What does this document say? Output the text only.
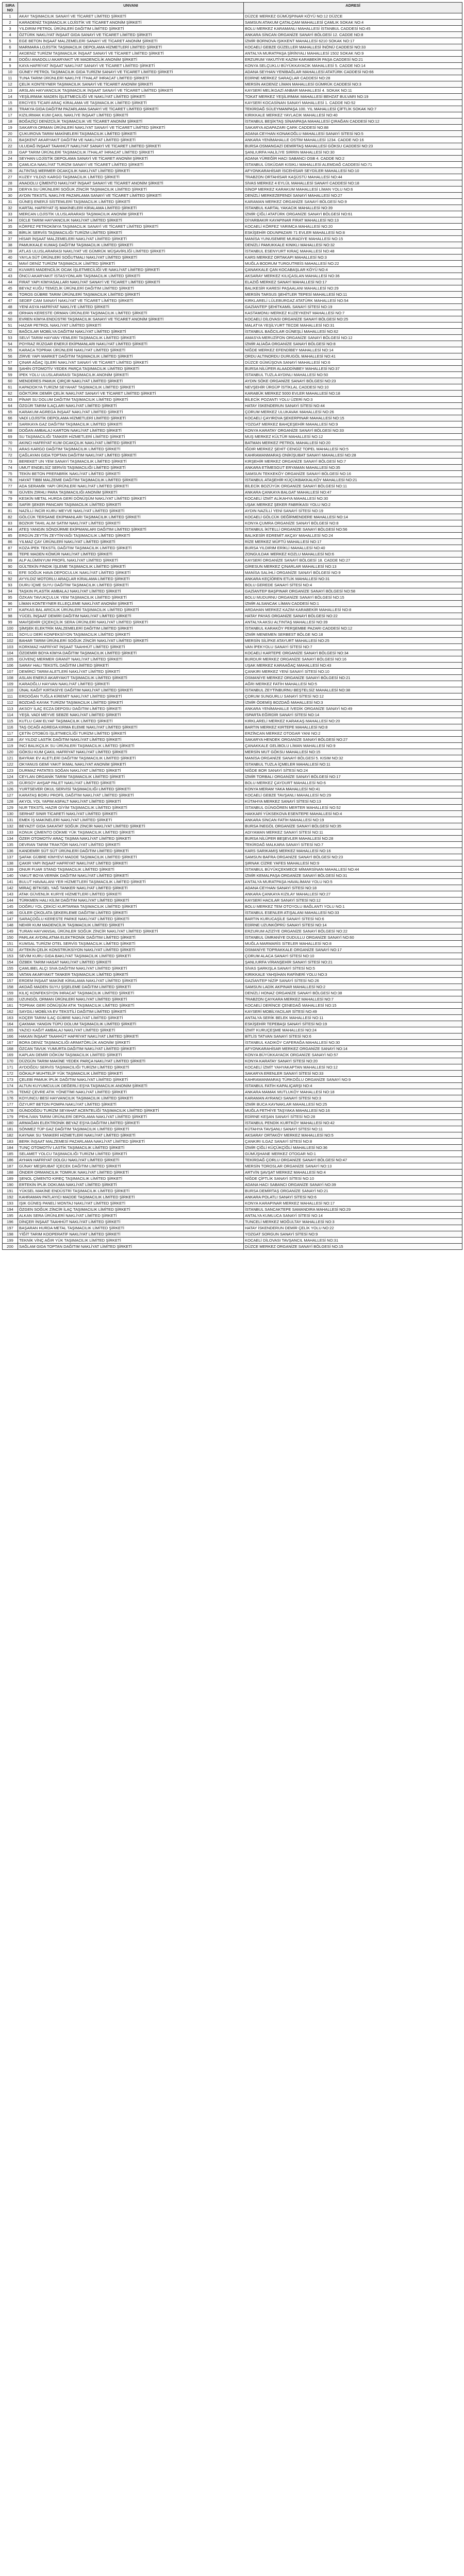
SIRA NO	UNVANI	ADRESİ
1	AKAY TAŞIMACILIK SANAYİ VE TİCARET LİMİTED ŞİRKETİ	DÜZCE MERKEZ GÜMÜŞPINAR KÖYÜ NO:12 DÜZCE
2	KARADENİZ TAŞIMACILIK LOJİSTİK VE TİCARET ANONİM ŞİRKETİ	SAMSUN ATAKUM ÇATALÇAM MAHALLESİ ÇAMLIK SOKAK NO:4
3	YILDIRIM PETROL ÜRÜNLERİ DAĞITIM LİMİTED ŞİRKETİ	BOLU MERKEZ KARAMANLI MAHALLESİ İSTANBUL CADDESİ NO:45
4	ÖZTÜRK NAKLİYAT İNŞAAT GIDA SANAYİ VE TİCARET LİMİTED ŞİRKETİ	ANKARA SİNCAN ORGANİZE SANAYİ BÖLGESİ 12. CADDE NO:8
5	EGE BETON İNŞAAT MALZEMELERİ SANAYİ VE TİCARET ANONİM ŞİRKETİ	İZMİR BORNOVA IŞIKKENT MAHALLESİ 6210 SOKAK NO:17
6	MARMARA LOJİSTİK TAŞIMACILIK DEPOLAMA HİZMETLERİ LİMİTED ŞİRKETİ	KOCAELİ GEBZE GÜZELLER MAHALLESİ İNÖNÜ CADDESİ NO:33
7	AKDENİZ TURİZM TAŞIMACILIK İNŞAAT SANAYİ VE TİCARET LİMİTED ŞİRKETİ	ANTALYA MURATPAŞA ŞİRİNYALI MAHALLESİ 1502 SOKAK NO:9
8	DOĞU ANADOLU AKARYAKIT VE MADENCİLİK ANONİM ŞİRKETİ	ERZURUM YAKUTİYE KAZIM KARABEKİR PAŞA CADDESİ NO:21
9	KAYA HAFRİYAT İNŞAAT NAKLİYAT SANAYİ VE TİCARET LİMİTED ŞİRKETİ	KONYA SELÇUKLU BÜYÜKKAYACIK MAHALLESİ 5. CADDE NO:14
10	GÜNEY PETROL TAŞIMACILIK GIDA TURİZM SANAYİ VE TİCARET LİMİTED ŞİRKETİ	ADANA SEYHAN YENİBAĞLAR MAHALLESİ ATATÜRK CADDESİ NO:66
11	TUNA TARIM ÜRÜNLERİ NAKLİYE İTHALAT İHRACAT LİMİTED ŞİRKETİ	EDİRNE MERKEZ SARAÇLAR CADDESİ NO:28
12	ÇELİK KONTEYNER TAŞIMACILIK SANAYİ VE TİCARET ANONİM ŞİRKETİ	MERSİN AKDENİZ LİMAN MAHALLESİ GÜMRÜK CADDESİ NO:3
13	ARSLAN HAYVANCILIK TAŞIMACILIK İNŞAAT SANAYİ VE TİCARET LİMİTED ŞİRKETİ	KAYSERİ MELİKGAZİ ANBAR MAHALLESİ 4. SOKAK NO:11
14	YEŞİLIRMAK MADEN İŞLETMECİLİĞİ VE NAKLİYAT LİMİTED ŞİRKETİ	TOKAT MERKEZ YEŞİLIRMAK MAHALLESİ BEHZAT BULVARI NO:19
15	ERCİYES TİCARİ ARAÇ KİRALAMA VE TAŞIMACILIK LİMİTED ŞİRKETİ	KAYSERİ KOCASİNAN SANAYİ MAHALLESİ 1. CADDE NO:52
16	TRAKYA GIDA DAĞITIM PAZARLAMA SANAYİ VE TİCARET LİMİTED ŞİRKETİ	TEKİRDAĞ SÜLEYMANPAŞA 100. YIL MAHALLESİ ÇİFTLİK SOKAK NO:7
17	KIZILIRMAK KUM ÇAKIL NAKLİYE İNŞAAT LİMİTED ŞİRKETİ	KIRIKKALE MERKEZ YAYLACIK MAHALLESİ NO:40
18	BOĞAZİÇİ DENİZCİLİK TAŞIMACILIK VE TİCARET ANONİM ŞİRKETİ	İSTANBUL BEŞİKTAŞ SİNANPAŞA MAHALLESİ ÇIRAĞAN CADDESİ NO:12
19	SAKARYA ORMAN ÜRÜNLERİ NAKLİYAT SANAYİ VE TİCARET LİMİTED ŞİRKETİ	SAKARYA ADAPAZARI ÇARK CADDESİ NO:88
20	ÇUKUROVA TARIM MAKİNELERİ TAŞIMACILIK LİMİTED ŞİRKETİ	ADANA CEYHAN KONAKOĞLU MAHALLESİ SANAYİ SİTESİ NO:5
21	BAŞKENT AKARYAKIT DAĞITIM VE NAKLİYAT LİMİTED ŞİRKETİ	ANKARA YENİMAHALLE OSTİM MAHALLESİ 1234. CADDE NO:16
22	ULUDAĞ İNŞAAT TAAHHÜT NAKLİYAT SANAYİ VE TİCARET LİMİTED ŞİRKETİ	BURSA OSMANGAZİ DEMİRTAŞ MAHALLESİ GÖKSU CADDESİ NO:23
23	GAP TARIM ÜRÜNLERİ TAŞIMACILIK İTHALAT İHRACAT LİMİTED ŞİRKETİ	ŞANLIURFA HALİLİYE SIRRIN MAHALLESİ NO:30
24	SEYHAN LOJİSTİK DEPOLAMA SANAYİ VE TİCARET ANONİM ŞİRKETİ	ADANA YÜREĞİR HACI SABANCI OSB 4. CADDE NO:2
25	ÇAMLICA NAKLİYAT TURİZM SANAYİ VE TİCARET LİMİTED ŞİRKETİ	İSTANBUL ÜSKÜDAR KISIKLI MAHALLESİ ALEMDAĞ CADDESİ NO:71
26	ALTINTAŞ MERMER OCAKÇILIK NAKLİYAT LİMİTED ŞİRKETİ	AFYONKARAHİSAR İSCEHİSAR SEYDİLER MAHALLESİ NO:10
27	KUZEY YILDIZI KARGO TAŞIMACILIK LİMİTED ŞİRKETİ	TRABZON ORTAHİSAR KAŞÜSTÜ MAHALLESİ NO:44
28	ANADOLU ÇİMENTO NAKLİYAT İNŞAAT SANAYİ VE TİCARET ANONİM ŞİRKETİ	SİVAS MERKEZ 4 EYLÜL MAHALLESİ SANAYİ CADDESİ NO:18
29	DERYA SU ÜRÜNLERİ SOĞUK ZİNCİR TAŞIMACILIK LİMİTED ŞİRKETİ	SİNOP MERKEZ KARAKUM MAHALLESİ LİMAN YOLU NO:6
30	AYDIN TEKSTİL NAKLİYE PAZARLAMA SANAYİ VE TİCARET LİMİTED ŞİRKETİ	DENİZLİ MERKEZEFENDİ SANAYİ MAHALLESİ NO:27
31	GÜNEŞ ENERJİ SİSTEMLERİ TAŞIMACILIK LİMİTED ŞİRKETİ	KARAMAN MERKEZ ORGANİZE SANAYİ BÖLGESİ NO:9
32	KARTAL HAFRİYAT İŞ MAKİNELERİ KİRALAMA LİMİTED ŞİRKETİ	İSTANBUL KARTAL YAKACIK MAHALLESİ NO:39
33	MERCAN LOJİSTİK ULUSLARARASI TAŞIMACILIK ANONİM ŞİRKETİ	İZMİR ÇİĞLİ ATATÜRK ORGANİZE SANAYİ BÖLGESİ NO:61
34	DİCLE TARIM HAYVANCILIK NAKLİYAT LİMİTED ŞİRKETİ	DİYARBAKIR KAYAPINAR FIRAT MAHALLESİ NO:13
35	KÖRFEZ PETROKİMYA TAŞIMACILIK SANAYİ VE TİCARET LİMİTED ŞİRKETİ	KOCAELİ KÖRFEZ YARIMCA MAHALLESİ NO:20
36	BİRLİK SERVİS TAŞIMACILIĞI TURİZM LİMİTED ŞİRKETİ	ESKİŞEHİR ODUNPAZARI 71 EVLER MAHALLESİ NO:8
37	HİSAR İNŞAAT MALZEMELERİ NAKLİYAT LİMİTED ŞİRKETİ	MANİSA YUNUSEMRE MURADİYE MAHALLESİ NO:15
38	PAMUKKALE KUMAŞ DAĞITIM TAŞIMACILIK LİMİTED ŞİRKETİ	DENİZLİ PAMUKKALE KINIKLI MAHALLESİ NO:32
39	ATLAS ULUSLARARASI NAKLİYAT VE GÜMRÜK MÜŞAVİRLİĞİ LİMİTED ŞİRKETİ	İSTANBUL ESENYURT KIRAÇ MAHALLESİ NO:48
40	YAYLA SÜT ÜRÜNLERİ SOĞUTMALI NAKLİYAT LİMİTED ŞİRKETİ	KARS MERKEZ ORTAKAPI MAHALLESİ NO:3
41	MAVİ DENİZ TURİZM TAŞIMACILIK LİMİTED ŞİRKETİ	MUĞLA BODRUM TURGUTREİS MAHALLESİ NO:22
42	KUVARS MADENCİLİK OCAK İŞLETMECİLİĞİ VE NAKLİYAT LİMİTED ŞİRKETİ	ÇANAKKALE ÇAN KOCABAŞLAR KÖYÜ NO:4
43	ÖNCÜ AKARYAKIT İSTASYONLARI TAŞIMACILIK LİMİTED ŞİRKETİ	AKSARAY MERKEZ KILIÇASLAN MAHALLESİ NO:36
44	FIRAT YAPI KİMYASALLARI NAKLİYAT SANAYİ VE TİCARET LİMİTED ŞİRKETİ	ELAZIĞ MERKEZ SANAYİ MAHALLESİ NO:17
45	BEYAZ KUĞU TEMİZLİK ÜRÜNLERİ DAĞITIM LİMİTED ŞİRKETİ	BALIKESİR KARESİ PAŞAALANI MAHALLESİ NO:29
46	TOROS GÜBRE TARIM ÜRÜNLERİ TAŞIMACILIK LİMİTED ŞİRKETİ	MERSİN TARSUS ŞEHİTLER TEPESİ MAHALLESİ NO:11
47	SEDEF CAM SANAYİ NAKLİYAT VE TİCARET LİMİTED ŞİRKETİ	KIRKLARELİ LÜLEBURGAZ ATATÜRK MAHALLESİ NO:54
48	YENİ ASYA HAFRİYAT NAKLİYE LİMİTED ŞİRKETİ	GAZİANTEP ŞEHİTKAMİL SANAYİ SİTESİ NO:19
49	ORHAN KERESTE ORMAN ÜRÜNLERİ TAŞIMACILIK LİMİTED ŞİRKETİ	KASTAMONU MERKEZ KUZEYKENT MAHALLESİ NO:7
50	EVREN KİMYA ENDÜSTRİ TAŞIMACILIK SANAYİ VE TİCARET ANONİM ŞİRKETİ	KOCAELİ DİLOVASI ORGANİZE SANAYİ BÖLGESİ NO:25
51	HAZAR PETROL NAKLİYAT LİMİTED ŞİRKETİ	MALATYA YEŞİLYURT TECDE MAHALLESİ NO:31
52	BAĞCILAR MOBİLYA DAĞITIM NAKLİYAT LİMİTED ŞİRKETİ	İSTANBUL BAĞCILAR GÜNEŞLİ MAHALLESİ NO:62
53	SELVİ TARIM HAYVAN YEMLERİ TAŞIMACILIK LİMİTED ŞİRKETİ	AMASYA MERUZİFON ORGANİZE SANAYİ BÖLGESİ NO:12
54	POYRAZ RÜZGAR ENERJİ EKİPMANLARI NAKLİYAT LİMİTED ŞİRKETİ	İZMİR ALİAĞA ORGANİZE SANAYİ BÖLGESİ NO:8
55	KARACA TOPRAK ÜRÜNLERİ NAKLİYAT LİMİTED ŞİRKETİ	NİĞDE MERKEZ EFENDİBEY MAHALLESİ NO:14
56	ZİRVE YAPI MARKET DAĞITIM TAŞIMACILIK LİMİTED ŞİRKETİ	ORDU ALTINORDU DURUGÖL MAHALLESİ NO:41
57	ÇINAR AĞAÇ İŞLERİ NAKLİYAT SANAYİ VE TİCARET LİMİTED ŞİRKETİ	DÜZCE GÜMÜŞOVA SANAYİ MAHALLESİ NO:6
58	ŞAHİN OTOMOTİV YEDEK PARÇA TAŞIMACILIK LİMİTED ŞİRKETİ	BURSA NİLÜFER ALAADDİNBEY MAHALLESİ NO:37
59	İPEK YOLU ULUSLARARASI TAŞIMACILIK ANONİM ŞİRKETİ	İSTANBUL TUZLA AYDINLI MAHALLESİ NO:50
60	MENDERES PAMUK ÇIRÇIR NAKLİYAT LİMİTED ŞİRKETİ	AYDIN SÖKE ORGANİZE SANAYİ BÖLGESİ NO:23
61	KAPADOKYA TURİZM SEYAHAT TAŞIMACILIK LİMİTED ŞİRKETİ	NEVŞEHİR ÜRGÜP İSTİKLAL CADDESİ NO:10
62	GÖKTÜRK DEMİR ÇELİK NAKLİYAT SANAYİ VE TİCARET LİMİTED ŞİRKETİ	KARABÜK MERKEZ 5000 EVLER MAHALLESİ NO:18
63	PİNAR SU DOLUM DAĞITIM TAŞIMACILIK LİMİTED ŞİRKETİ	BİLECİK POZANTI YOLU ÜZERİ NO:3
64	ÖZGÜR TARIM İLAÇLARI NAKLİYAT LİMİTED ŞİRKETİ	HATAY İSKENDERUN SANAYİ SİTESİ NO:44
65	KARAKUM AGREGA İNŞAAT NAKLİYAT LİMİTED ŞİRKETİ	ÇORUM MERKEZ ULUKAVAK MAHALLESİ NO:26
66	VADİ LOJİSTİK DEPOLAMA HİZMETLERİ LİMİTED ŞİRKETİ	KOCAELİ ÇAYIROVA ŞEKERPINAR MAHALLESİ NO:15
67	SARIKAYA GAZ DAĞITIM TAŞIMACILIK LİMİTED ŞİRKETİ	YOZGAT MERKEZ BAHÇEŞEHİR MAHALLESİ NO:9
68	DOĞAN AMBALAJ KARTON NAKLİYAT LİMİTED ŞİRKETİ	KONYA KARATAY ORGANİZE SANAYİ BÖLGESİ NO:33
69	SU TAŞIMACILIĞI TANKER HİZMETLERİ LİMİTED ŞİRKETİ	MUŞ MERKEZ KÜLTÜR MAHALLESİ NO:12
70	AKINCI HAFRİYAT KUM OCAKÇILIK NAKLİYAT LİMİTED ŞİRKETİ	BATMAN MERKEZ PETROL MAHALLESİ NO:20
71	ARAS KARGO DAĞITIM TAŞIMACILIK LİMİTED ŞİRKETİ	IĞDIR MERKEZ ŞEHİT CENGİZ TOPEL MAHALLESİ NO:5
72	ÇAĞLAYAN GIDA TOPTAN DAĞITIM NAKLİYAT LİMİTED ŞİRKETİ	KAHRAMANMARAŞ ONİKİŞUBAT SANAYİ MAHALLESİ NO:28
73	BEREKET UN YEM SANAYİ TAŞIMACILIK LİMİTED ŞİRKETİ	KIRŞEHİR MERKEZ ORGANİZE SANAYİ BÖLGESİ NO:7
74	UMUT ENGELSİZ SERVİS TAŞIMACILIĞI LİMİTED ŞİRKETİ	ANKARA ETİMESGUT ERYAMAN MAHALLESİ NO:35
75	TEKİN BETON PREFABRİK NAKLİYAT LİMİTED ŞİRKETİ	SAMSUN TEKKEKÖY ORGANİZE SANAYİ BÖLGESİ NO:16
76	HAYAT TIBBİ MALZEME DAĞITIM TAŞIMACILIK LİMİTED ŞİRKETİ	İSTANBUL ATAŞEHİR KÜÇÜKBAKKALKÖY MAHALLESİ NO:21
77	ADA SERAMİK YAPI ÜRÜNLERİ NAKLİYAT LİMİTED ŞİRKETİ	BİLECİK BOZÜYÜK ORGANİZE SANAYİ BÖLGESİ NO:11
78	GÜVEN ZIRHLI PARA TAŞIMACILIĞI ANONİM ŞİRKETİ	ANKARA ÇANKAYA BALGAT MAHALLESİ NO:47
79	KESKİN METAL HURDA GERİ DÖNÜŞÜM NAKLİYAT LİMİTED ŞİRKETİ	KOCAELİ İZMİT ALİKAHYA MAHALLESİ NO:30
80	SAFİR ŞEKER PANCARI TAŞIMACILIK LİMİTED ŞİRKETİ	UŞAK MERKEZ ŞEKER FABRİKASI YOLU NO:2
81	NAZİLLİ İNCİR KURU MEYVE NAKLİYAT LİMİTED ŞİRKETİ	AYDIN NAZİLLİ YENİ SANAYİ SİTESİ NO:19
82	GÖLCÜK TERSANE EKİPMANLARI TAŞIMACILIK LİMİTED ŞİRKETİ	KOCAELİ GÖLCÜK DEĞİRMENDERE MAHALLESİ NO:14
83	BOZKIR TAHIL ALIM SATIM NAKLİYAT LİMİTED ŞİRKETİ	KONYA ÇUMRA ORGANİZE SANAYİ BÖLGESİ NO:8
84	ATEŞ YANGIN SÖNDÜRME EKİPMANLARI DAĞITIM LİMİTED ŞİRKETİ	İSTANBUL İKİTELLİ ORGANİZE SANAYİ BÖLGESİ NO:56
85	ERGÜN ZEYTİN ZEYTİNYAĞI TAŞIMACILIK LİMİTED ŞİRKETİ	BALIKESİR EDREMİT AKÇAY MAHALLESİ NO:24
86	YILMAZ ÇAY ÜRÜNLERİ NAKLİYAT LİMİTED ŞİRKETİ	RİZE MERKEZ MÜFTÜ MAHALLESİ NO:17
87	KOZA İPEK TEKSTİL DAĞITIM TAŞIMACILIK LİMİTED ŞİRKETİ	BURSA YILDIRIM ERİKLİ MAHALLESİ NO:40
88	TEPE MADEN KÖMÜR NAKLİYAT LİMİTED ŞİRKETİ	ZONGULDAK MERKEZ KOZLU MAHALLESİ NO:6
89	ALP ALÜMİNYUM PROFİL NAKLİYAT LİMİTED ŞİRKETİ	KAYSERİ ORGANİZE SANAYİ BÖLGESİ 18. CADDE NO:27
90	GÜLTEKİN FINDIK İŞLEME TAŞIMACILIK LİMİTED ŞİRKETİ	GİRESUN MERKEZ ÇINARLAR MAHALLESİ NO:13
91	EFE SOĞUK HAVA DEPOCULUK NAKLİYAT LİMİTED ŞİRKETİ	MANİSA SALİHLİ ORGANİZE SANAYİ BÖLGESİ NO:9
92	AYYILDIZ MOTORLU ARAÇLAR KİRALAMA LİMİTED ŞİRKETİ	ANKARA KEÇİÖREN ETLİK MAHALLESİ NO:31
93	DURU İÇME SUYU DAĞITIM TAŞIMACILIK LİMİTED ŞİRKETİ	BOLU GEREDE SANAYİ SİTESİ NO:4
94	TAŞKIN PLASTİK AMBALAJ NAKLİYAT LİMİTED ŞİRKETİ	GAZİANTEP BAŞPINAR ORGANİZE SANAYİ BÖLGESİ NO:58
95	ÖZKAN TAVUKÇULUK YEM TAŞIMACILIK LİMİTED ŞİRKETİ	BOLU MUDURNU ORGANİZE SANAYİ BÖLGESİ NO:15
96	LİMAN KONTEYNER ELLEÇLEME NAKLİYAT ANONİM ŞİRKETİ	İZMİR ALSANCAK LİMAN CADDESİ NO:1
97	KAFKAS BAL ARICILIK ÜRÜNLERİ TAŞIMACILIK LİMİTED ŞİRKETİ	ARDAHAN MERKEZ KAZIM KARABEKİR MAHALLESİ NO:8
98	YÜCEL İNŞAAT DEMİRİ DAĞITIM NAKLİYAT LİMİTED ŞİRKETİ	HATAY PAYAS ORGANİZE SANAYİ BÖLGESİ NO:22
99	MAVİŞEHİR ÇİÇEKÇİLİK SERA ÜRÜNLERİ NAKLİYAT LİMİTED ŞİRKETİ	ANTALYA AKSU ALTINTAŞ MAHALLESİ NO:39
100	ŞİMŞEK ELEKTRİK MALZEMELERİ DAĞITIM LİMİTED ŞİRKETİ	İSTANBUL KARAKÖY PERŞEMBE PAZARI CADDESİ NO:12
101	SOYLU DERİ KONFEKSİYON TAŞIMACILIK LİMİTED ŞİRKETİ	İZMİR MENEMEN SERBEST BÖLGE NO:18
102	BAHAR TARIM ÜRÜNLERİ SOĞUK ZİNCİR NAKLİYAT LİMİTED ŞİRKETİ	MERSİN SİLİFKE ATAYURT MAHALLESİ NO:25
103	KORKMAZ HAFRİYAT İNŞAAT TAAHHÜT LİMİTED ŞİRKETİ	VAN İPEKYOLU SANAYİ SİTESİ NO:7
104	ÖZDEMİR BOYA KİMYA DAĞITIM TAŞIMACILIK LİMİTED ŞİRKETİ	KOCAELİ KARTEPE ORGANİZE SANAYİ BÖLGESİ NO:34
105	GÜVENÇ MERMER GRANİT NAKLİYAT LİMİTED ŞİRKETİ	BURDUR MERKEZ ORGANİZE SANAYİ BÖLGESİ NO:16
106	SARAY HALI TEKSTİL DAĞITIM LİMİTED ŞİRKETİ	UŞAK MERKEZ KARAAĞAÇ MAHALLESİ NO:43
107	DEMİRCİ TARIM ALETLERİ NAKLİYAT LİMİTED ŞİRKETİ	ÇANKIRI MERKEZ YENİ SANAYİ SİTESİ NO:10
108	ASLAN ENERJİ AKARYAKIT TAŞIMACILIK LİMİTED ŞİRKETİ	OSMANİYE MERKEZ ORGANİZE SANAYİ BÖLGESİ NO:21
109	KARAOĞLU HAYVAN NAKLİYAT LİMİTED ŞİRKETİ	AĞRI MERKEZ FATİH MAHALLESİ NO:5
110	ÜNAL KAĞIT KIRTASİYE DAĞITIM NAKLİYAT LİMİTED ŞİRKETİ	İSTANBUL ZEYTİNBURNU BEŞTELSİZ MAHALLESİ NO:38
111	ERDOĞAN TUĞLA KİREMİT NAKLİYAT LİMİTED ŞİRKETİ	ÇORUM SUNGURLU SANAYİ SİTESİ NO:12
112	BOZDAĞ KAYAK TURİZM TAŞIMACILIK LİMİTED ŞİRKETİ	İZMİR ÖDEMİŞ BOZDAĞ MAHALLESİ NO:3
113	AKSOY İLAÇ ECZA DEPOSU DAĞITIM LİMİTED ŞİRKETİ	ANKARA YENİMAHALLE İVEDİK ORGANİZE SANAYİ NO:49
114	YEŞİL VADİ MEYVE SEBZE NAKLİYAT LİMİTED ŞİRKETİ	ISPARTA EĞİRDİR SANAYİ SİTESİ NO:14
115	KUTLU CAM ELYAF TAŞIMACILIK LİMİTED ŞİRKETİ	KIRKLARELİ MERKEZ KARAKAŞ MAHALLESİ NO:20
116	TAŞ OCAĞI AGREGA KIRMA ELEME NAKLİYAT LİMİTED ŞİRKETİ	BARTIN MERKEZ KIRTEPE MAHALLESİ NO:8
117	ÇETİN OTOBÜS İŞLETMECİLİĞİ TURİZM LİMİTED ŞİRKETİ	ERZİNCAN MERKEZ OTOGAR YANI NO:2
118	AY YILDIZ LASTİK DAĞITIM NAKLİYAT LİMİTED ŞİRKETİ	SAKARYA HENDEK ORGANİZE SANAYİ BÖLGESİ NO:27
119	İNCİ BALIKÇILIK SU ÜRÜNLERİ TAŞIMACILIK LİMİTED ŞİRKETİ	ÇANAKKALE GELİBOLU LİMAN MAHALLESİ NO:9
120	GÖKSU KUM ÇAKIL HAFRİYAT NAKLİYAT LİMİTED ŞİRKETİ	MERSİN MUT GÖKSU MAHALLESİ NO:15
121	BAYRAK EV ALETLERİ DAĞITIM TAŞIMACILIK LİMİTED ŞİRKETİ	MANİSA ORGANİZE SANAYİ BÖLGESİ 5. KISIM NO:32
122	OKYANUS GEMİ YAKIT İKMAL NAKLİYAT ANONİM ŞİRKETİ	İSTANBUL TUZLA İÇMELER MAHALLESİ NO:11
123	DURMAZ PATATES SOĞAN NAKLİYAT LİMİTED ŞİRKETİ	NİĞDE BOR SANAYİ SİTESİ NO:24
124	CEYLAN ORGANİK TARIM TAŞIMACILIK LİMİTED ŞİRKETİ	İZMİR TORBALI ORGANİZE SANAYİ BÖLGESİ NO:17
125	GÜRSOY AHŞAP PALET NAKLİYAT LİMİTED ŞİRKETİ	BOLU MERKEZ ÇAYDURT MAHALLESİ NO:6
126	YURTSEVER OKUL SERVİSİ TAŞIMACILIĞI LİMİTED ŞİRKETİ	KONYA MERAM YAKA MAHALLESİ NO:41
127	KARATAŞ BORU PROFİL DAĞITIM NAKLİYAT LİMİTED ŞİRKETİ	KOCAELİ GEBZE TAVŞANLI MAHALLESİ NO:29
128	AKYOL YOL YAPIM ASFALT NAKLİYAT LİMİTED ŞİRKETİ	KÜTAHYA MERKEZ SANAYİ SİTESİ NO:13
129	NUR TEKSTİL HAZIR GİYİM TAŞIMACILIK LİMİTED ŞİRKETİ	İSTANBUL GÜNGÖREN MERTER MAHALLESİ NO:52
130	SERHAT SINIR TİCARETİ NAKLİYAT LİMİTED ŞİRKETİ	HAKKARİ YÜKSEKOVA ESENTEPE MAHALLESİ NO:4
131	EMEK İŞ MAKİNELERİ NAKLİYAT LİMİTED ŞİRKETİ	ANKARA SİNCAN FATİH MAHALLESİ NO:19
132	BEYAZIT GIDA SAKATAT SOĞUK ZİNCİR NAKLİYAT LİMİTED ŞİRKETİ	BURSA İNEGÖL ORGANİZE SANAYİ BÖLGESİ NO:35
133	KONUK ÇİMENTO DÖKME YÜK TAŞIMACILIK LİMİTED ŞİRKETİ	ADIYAMAN MERKEZ SANAYİ SİTESİ NO:11
134	ÖZER OTOMOTİV ARAÇ TAŞIMA NAKLİYAT LİMİTED ŞİRKETİ	BURSA NİLÜFER BEŞEVLER MAHALLESİ NO:28
135	DEVRAN TARIM TRAKTÖR NAKLİYAT LİMİTED ŞİRKETİ	TEKİRDAĞ MALKARA SANAYİ SİTESİ NO:7
136	KANDEMİR SÜT SÜT ÜRÜNLERİ DAĞITIM LİMİTED ŞİRKETİ	KARS SARIKAMIŞ MERKEZ MAHALLESİ NO:16
137	ŞAFAK GÜBRE KİMYEVİ MADDE TAŞIMACILIK LİMİTED ŞİRKETİ	SAMSUN BAFRA ORGANİZE SANAYİ BÖLGESİ NO:23
138	ÇAKIR YAPI İNŞAAT HAFRİYAT NAKLİYAT LİMİTED ŞİRKETİ	ŞIRNAK CİZRE YAFES MAHALLESİ NO:9
139	ONUR FUAR STAND TAŞIMACILIK LİMİTED ŞİRKETİ	İSTANBUL BÜYÜKÇEKMECE MİMARSİNAN MAHALLESİ NO:44
140	YAKUT BOYA VERNİK DAĞITIM NAKLİYAT LİMİTED ŞİRKETİ	İZMİR KEMALPAŞA ORGANİZE SANAYİ BÖLGESİ NO:31
141	BULUT HAVAALANI YER HİZMETLERİ TAŞIMACILIK LİMİTED ŞİRKETİ	ANTALYA MURATPAŞA HAVALİMANI YOLU NO:5
142	MİRAÇ BİTKİSEL YAĞ TANKER NAKLİYAT LİMİTED ŞİRKETİ	ADANA CEYHAN SANAYİ SİTESİ NO:18
143	ATAK GÜVENLİK KURYE HİZMETLERİ LİMİTED ŞİRKETİ	ANKARA ÇANKAYA KIZILAY MAHALLESİ NO:27
144	TÜRKMEN HALI KİLİM DAĞITIM NAKLİYAT LİMİTED ŞİRKETİ	KAYSERİ HACILAR SANAYİ SİTESİ NO:12
145	DOĞRU YOL ÇEKİCİ KURTARMA TAŞIMACILIK LİMİTED ŞİRKETİ	BOLU MERKEZ TEM OTOYOLU BAĞLANTI YOLU NO:1
146	GÜLER ÇİKOLATA ŞEKERLEME DAĞITIM LİMİTED ŞİRKETİ	İSTANBUL ESENLER ATIŞALANI MAHALLESİ NO:33
147	SARAÇOĞLU KERESTE PARKE NAKLİYAT LİMİTED ŞİRKETİ	BARTIN KURUCAŞİLE SANAYİ SİTESİ NO:6
148	NEHİR KUM MADENCİLİK TAŞIMACILIK LİMİTED ŞİRKETİ	EDİRNE UZUNKÖPRÜ SANAYİ SİTESİ NO:14
149	TURAN HAYVANSAL ÜRÜNLER SOĞUK ZİNCİR NAKLİYAT LİMİTED ŞİRKETİ	ERZURUM AZİZİYE ORGANİZE SANAYİ BÖLGESİ NO:22
150	PARLAK AYDINLATMA ELEKTRONİK DAĞITIM LİMİTED ŞİRKETİ	İSTANBUL ÜMRANİYE DUDULLU ORGANİZE SANAYİ NO:60
151	KUMSAL TURİZM OTEL SERVİS TAŞIMACILIK LİMİTED ŞİRKETİ	MUĞLA MARMARİS SİTELER MAHALLESİ NO:8
152	AYTEKİN ÇELİK KONSTRÜKSİYON NAKLİYAT LİMİTED ŞİRKETİ	OSMANİYE TOPRAKKALE ORGANİZE SANAYİ NO:17
153	SEVİM KURU GIDA BAKLİYAT TAŞIMACILIK LİMİTED ŞİRKETİ	ÇORUM ALACA SANAYİ SİTESİ NO:10
154	ÖZBEK TARIM HASAT NAKLİYAT LİMİTED ŞİRKETİ	ŞANLIURFA VİRANŞEHİR SANAYİ SİTESİ NO:21
155	ÇAMLIBEL ALÇI SIVA DAĞITIM NAKLİYAT LİMİTED ŞİRKETİ	SİVAS ŞARKIŞLA SANAYİ SİTESİ NO:5
156	VATAN AKARYAKIT TANKER TAŞIMACILIK LİMİTED ŞİRKETİ	KIRIKKALE YAHŞİHAN RAFİNERİ YOLU NO:3
157	ERDEM İNŞAAT MAKİNE KİRALAMA NAKLİYAT LİMİTED ŞİRKETİ	GAZİANTEP NİZİP SANAYİ SİTESİ NO:26
158	AKDAĞ MADEN SUYU ŞİŞELEME DAĞITIM LİMİTED ŞİRKETİ	SAMSUN LADİK AKPINAR MAHALLESİ NO:2
159	KILIÇ KONFEKSİYON İHRACAT TAŞIMACILIK LİMİTED ŞİRKETİ	DENİZLİ HONAZ ORGANİZE SANAYİ BÖLGESİ NO:38
160	UZUNGÖL ORMAN ÜRÜNLERİ NAKLİYAT LİMİTED ŞİRKETİ	TRABZON ÇAYKARA MERKEZ MAHALLESİ NO:7
161	TOPRAK GERİ DÖNÜŞÜM ATIK TAŞIMACILIK LİMİTED ŞİRKETİ	KOCAELİ DERİNCE ÇENEDAĞ MAHALLESİ NO:15
162	SAYGILI MOBİLYA EV TEKSTİLİ DAĞITIM LİMİTED ŞİRKETİ	KAYSERİ MOBİLYACILAR SİTESİ NO:49
163	KOÇER TARIM İLAÇ GÜBRE NAKLİYAT LİMİTED ŞİRKETİ	ANTALYA SERİK BELEK MAHALLESİ NO:11
164	ÇAKMAK YANGIN TÜPÜ DOLUM TAŞIMACILIK LİMİTED ŞİRKETİ	ESKİŞEHİR TEPEBAŞI SANAYİ SİTESİ NO:19
165	YAZICI KAĞIT AMBALAJ NAKLİYAT LİMİTED ŞİRKETİ	İZMİT KURUÇEŞME MAHALLESİ NO:24
166	HAKAN İNŞAAT TAAHHÜT HAFRİYAT NAKLİYAT LİMİTED ŞİRKETİ	BİTLİS TATVAN SANAYİ SİTESİ NO:6
167	BORA DENİZ TAŞIMACILIĞI ARMATÖRLÜK ANONİM ŞİRKETİ	İSTANBUL KADIKÖY CAFERAĞA MAHALLESİ NO:30
168	ÖZCAN TAVUK YUMURTA DAĞITIM NAKLİYAT LİMİTED ŞİRKETİ	AFYONKARAHİSAR MERKEZ ORGANİZE SANAYİ NO:14
169	KAPLAN DEMİR DÖKÜM TAŞIMACILIK LİMİTED ŞİRKETİ	KONYA BÜYÜKKAYACIK ORGANİZE SANAYİ NO:57
170	DÜZGÜN TARIM MAKİNE YEDEK PARÇA NAKLİYAT LİMİTED ŞİRKETİ	KONYA KARATAY SANAYİ SİTESİ NO:20
171	AYDOĞDU SERVİS TAŞIMACILIĞI TURİZM LİMİTED ŞİRKETİ	KOCAELİ İZMİT YAHYAKAPTAN MAHALLESİ NO:12
172	GÖKALP MUHTELİF YÜK TAŞIMACILIK LİMİTED ŞİRKETİ	SAKARYA ERENLER SANAYİ SİTESİ NO:33
173	ÇELEBİ PAMUK İPLİK DAĞITIM NAKLİYAT LİMİTED ŞİRKETİ	KAHRAMANMARAŞ TÜRKOĞLU ORGANİZE SANAYİ NO:9
174	ALTUN KUYUMCULUK DEĞERLİ EŞYA TAŞIMACILIK ANONİM ŞİRKETİ	İSTANBUL FATİH KAPALIÇARŞI NO:4
175	TEMİZ ÇEVRE ATIK YÖNETİMİ NAKLİYAT LİMİTED ŞİRKETİ	ANKARA MAMAK MUTLUKÖY MAHALLESİ NO:18
176	KOYUNCU BESİ HAYVANCILIK TAŞIMACILIK LİMİTED ŞİRKETİ	KARAMAN AYRANCI SANAYİ SİTESİ NO:3
177	ÖZYURT BETON POMPA NAKLİYAT LİMİTED ŞİRKETİ	İZMİR BUCA KAYNAKLAR MAHALLESİ NO:25
178	GÜNDOĞDU TURİZM SEYAHAT ACENTELİĞİ TAŞIMACILIK LİMİTED ŞİRKETİ	MUĞLA FETHİYE TAŞYAKA MAHALLESİ NO:16
179	PEHLİVAN TARIM ÜRÜNLERİ DEPOLAMA NAKLİYAT LİMİTED ŞİRKETİ	EDİRNE KEŞAN SANAYİ SİTESİ NO:28
180	ARMAĞAN ELEKTRONİK BEYAZ EŞYA DAĞITIM LİMİTED ŞİRKETİ	İSTANBUL PENDİK KURTKÖY MAHALLESİ NO:42
181	SÖNMEZ TÜP GAZ DAĞITIM TAŞIMACILIK LİMİTED ŞİRKETİ	KÜTAHYA TAVŞANLI SANAYİ SİTESİ NO:11
182	KAYNAK SU TANKERİ HİZMETLERİ NAKLİYAT LİMİTED ŞİRKETİ	AKSARAY ORTAKÖY MERKEZ MAHALLESİ NO:5
183	BERK İNŞAAT MALZEMESİ PAZARLAMA NAKLİYAT LİMİTED ŞİRKETİ	ÇANKIRI ILGAZ SANAYİ SİTESİ NO:8
184	TUNÇ OTOMOTİV LASTİK TAŞIMACILIK LİMİTED ŞİRKETİ	İZMİR ÇİĞLİ KÜÇÜKÇİĞLİ MAHALLESİ NO:36
185	SELAMET YOLCU TAŞIMACILIĞI TURİZM LİMİTED ŞİRKETİ	GÜMÜŞHANE MERKEZ OTOGAR NO:1
186	AYHAN HAFRİYAT DOLGU NAKLİYAT LİMİTED ŞİRKETİ	TEKİRDAĞ ÇORLU ORGANİZE SANAYİ BÖLGESİ NO:47
187	GÜNAY MEŞRUBAT İÇECEK DAĞITIM LİMİTED ŞİRKETİ	MERSİN TOROSLAR ORGANİZE SANAYİ NO:13
188	ÖNDER ORMANCILIK TOMRUK NAKLİYAT LİMİTED ŞİRKETİ	ARTVİN ŞAVŞAT MERKEZ MAHALLESİ NO:4
189	ŞENOL ÇİMENTO KIREÇ TAŞIMACILIK LİMİTED ŞİRKETİ	NİĞDE ÇİFTLİK SANAYİ SİTESİ NO:10
190	ERTEKİN İPLİK DOKUMA NAKLİYAT LİMİTED ŞİRKETİ	ADANA HACI SABANCI ORGANİZE SANAYİ NO:39
191	YÜKSEL MAKİNE ENDÜSTRİ TAŞIMACILIK LİMİTED ŞİRKETİ	BURSA DEMİRTAŞ ORGANİZE SANAYİ NO:21
192	KAHRAMAN PATLAYICI MADDE TAŞIMACILIK LİMİTED ŞİRKETİ	ANKARA POLATLI SANAYİ SİTESİ NO:6
193	IŞIK GÜNEŞ PANELİ MONTAJ NAKLİYAT LİMİTED ŞİRKETİ	KONYA KARAPINAR MERKEZ MAHALLESİ NO:17
194	ÖZGEN SOĞUK ZİNCİR İLAÇ TAŞIMACILIK LİMİTED ŞİRKETİ	İSTANBUL SANCAKTEPE SAMANDIRA MAHALLESİ NO:29
195	ALKAN SERA ÜRÜNLERİ NAKLİYAT LİMİTED ŞİRKETİ	ANTALYA KUMLUCA SANAYİ SİTESİ NO:14
196	DİNÇER İNŞAAT TAAHHÜT NAKLİYAT LİMİTED ŞİRKETİ	TUNCELİ MERKEZ MOĞULTAY MAHALLESİ NO:3
197	BAŞARAN HURDA METAL TAŞIMACILIK LİMİTED ŞİRKETİ	HATAY İSKENDERUN DEMİR ÇELİK YOLU NO:22
198	YİĞİT TARIM KOOPERATİF NAKLİYAT LİMİTED ŞİRKETİ	YOZGAT SORGUN SANAYİ SİTESİ NO:9
199	TEKNİK VİNÇ AĞIR YÜK TAŞIMACILIK LİMİTED ŞİRKETİ	KOCAELİ DİLOVASI TAVŞANCIL MAHALLESİ NO:31
200	SAĞLAM GIDA TOPTAN DAĞITIM NAKLİYAT LİMİTED ŞİRKETİ	DÜZCE MERKEZ ORGANİZE SANAYİ BÖLGESİ NO:15
